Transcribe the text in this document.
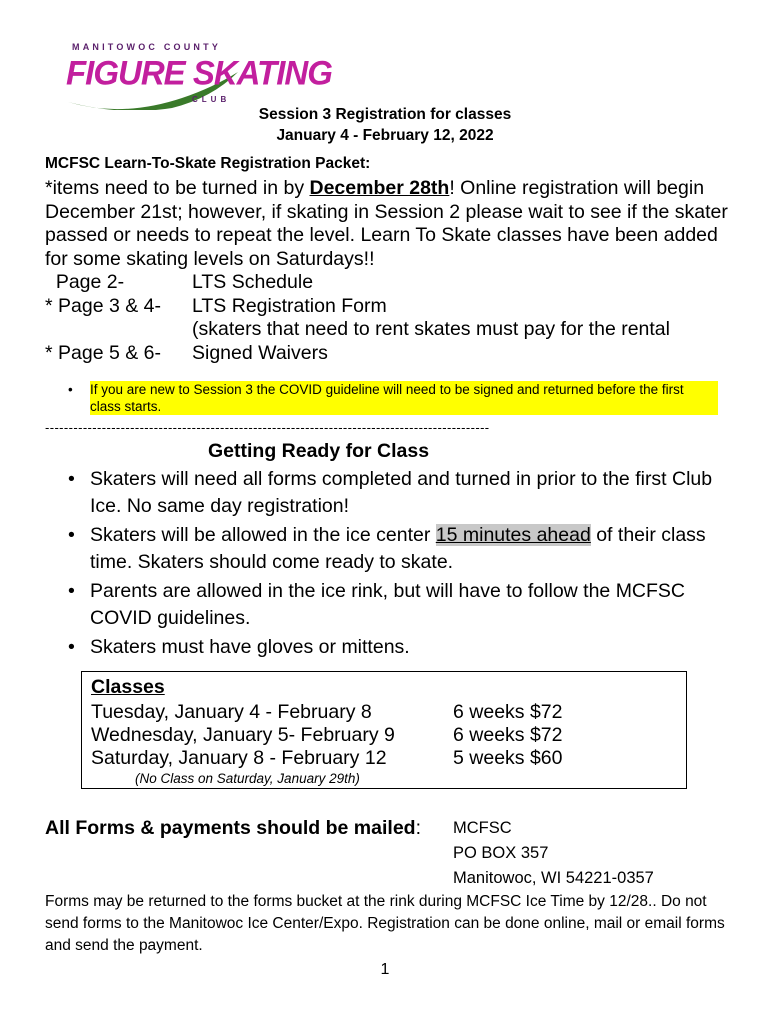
MANITOWOC COUNTY
FIGURE SKATING
CLUB
Session 3 Registration for classes
January 4 - February 12, 2022
MCFSC Learn-To-Skate Registration Packet:
*items need to be turned in by December 28th! Online registration will begin December 21st; however, if skating in Session 2 please wait to see if the skater passed or needs to repeat the level. Learn To Skate classes have been added for some skating levels on Saturdays!!
Page 2-	LTS Schedule
* Page 3 & 4- LTS Registration Form
(skaters that need to rent skates must pay for the rental
* Page 5 & 6- Signed Waivers
• If you are new to Session 3 the COVID guideline will need to be signed and returned before the first class starts.
----------------------------------------------------------------------------------------------
Getting Ready for Class
• Skaters will need all forms completed and turned in prior to the first Club Ice. No same day registration!
• Skaters will be allowed in the ice center 15 minutes ahead of their class time. Skaters should come ready to skate.
• Parents are allowed in the ice rink, but will have to follow the MCFSC COVID guidelines.
• Skaters must have gloves or mittens.
Classes
Tuesday, January 4 - February 8	6 weeks $72
Wednesday, January 5- February 9	6 weeks $72
Saturday, January 8 - February 12	5 weeks $60
(No Class on Saturday, January 29th)
All Forms & payments should be mailed: MCFSC
PO BOX 357
Manitowoc, WI 54221-0357
Forms may be returned to the forms bucket at the rink during MCFSC Ice Time by 12/28.. Do not send forms to the Manitowoc Ice Center/Expo. Registration can be done online, mail or email forms and send the payment.
1
